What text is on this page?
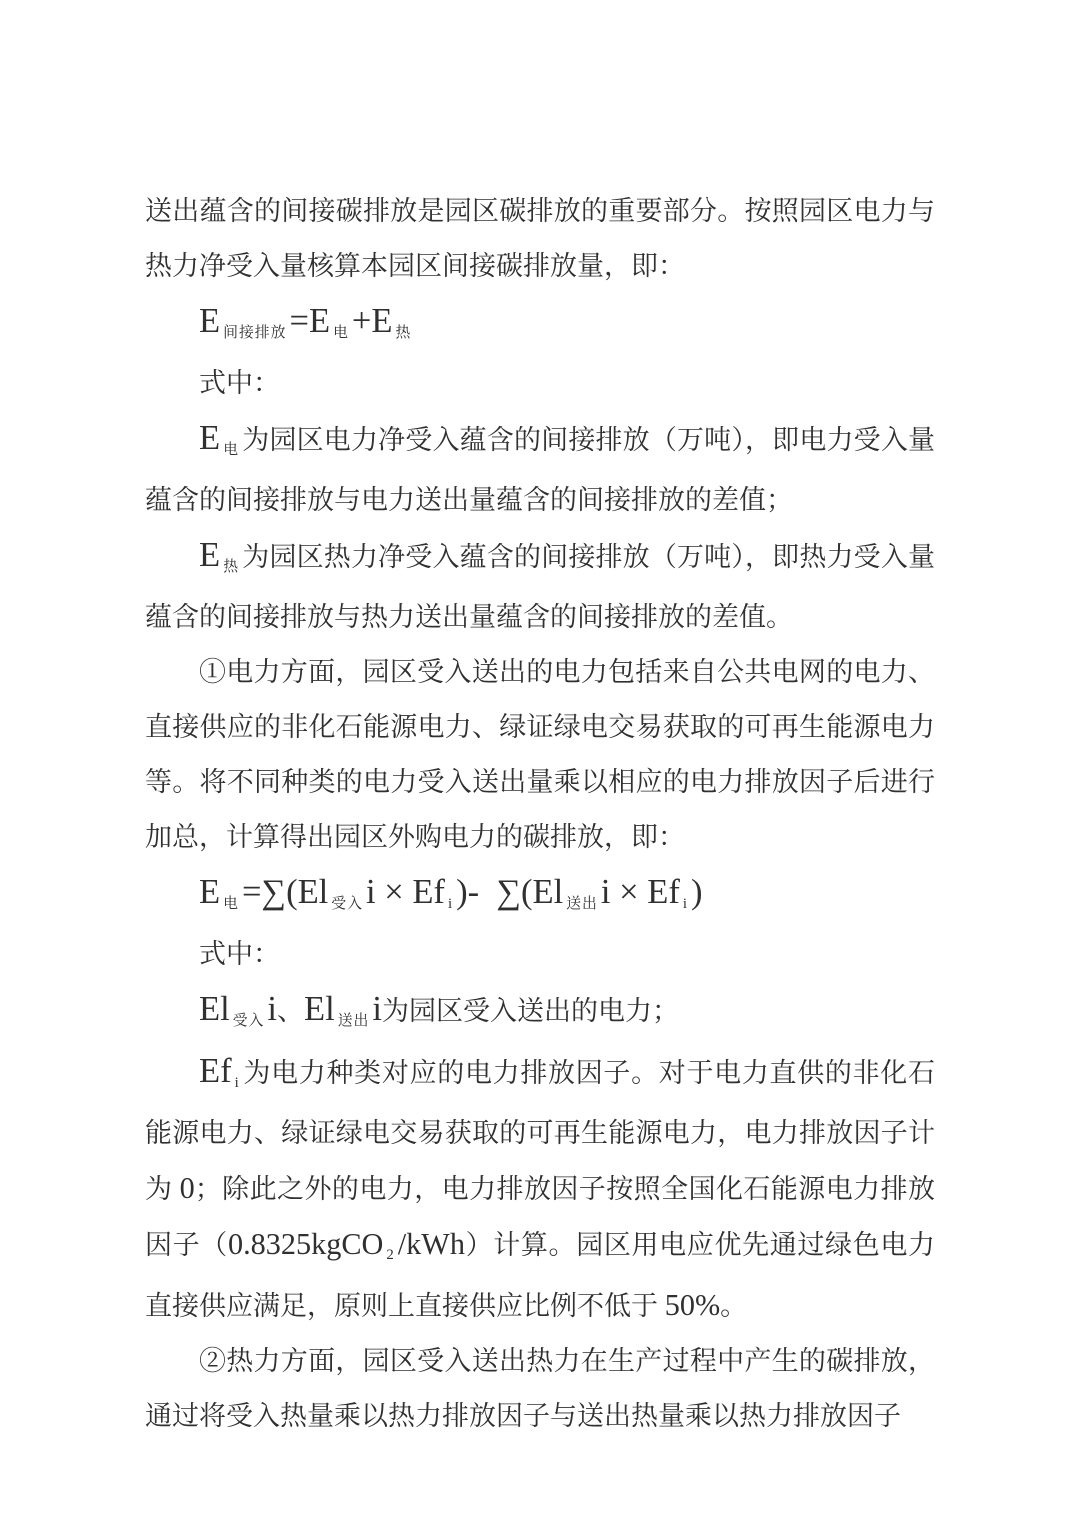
送出蕴含的间接碳排放是园区碳排放的重要部分。按照园区电力与热力净受入量核算本园区间接碳排放量，即：

E间接排放=E 电+E 热

式中：

E电 为园区电力净受入蕴含的间接排放（万吨），即电力受入量蕴含的间接排放与电力送出量蕴含的间接排放的差值；

E热 为园区热力净受入蕴含的间接排放（万吨），即热力受入量蕴含的间接排放与热力送出量蕴含的间接排放的差值。

①电力方面，园区受入送出的电力包括来自公共电网的电力、直接供应的非化石能源电力、绿证绿电交易获取的可再生能源电力等。将不同种类的电力受入送出量乘以相应的电力排放因子后进行加总，计算得出园区外购电力的碳排放，即：

E电=∑(El 受入i × Ef i)- ∑(El 送出i × Ef i)

式中：

El 受入i、El 送出i为园区受入送出的电力；

Ef i 为电力种类对应的电力排放因子。对于电力直供的非化石能源电力、绿证绿电交易获取的可再生能源电力，电力排放因子计为 0；除此之外的电力，电力排放因子按照全国化石能源电力排放因子（0.8325kgCO 2/kWh）计算。园区用电应优先通过绿色电力直接供应满足，原则上直接供应比例不低于 50%。

②热力方面，园区受入送出热力在生产过程中产生的碳排放，通过将受入热量乘以热力排放因子与送出热量乘以热力排放因子
